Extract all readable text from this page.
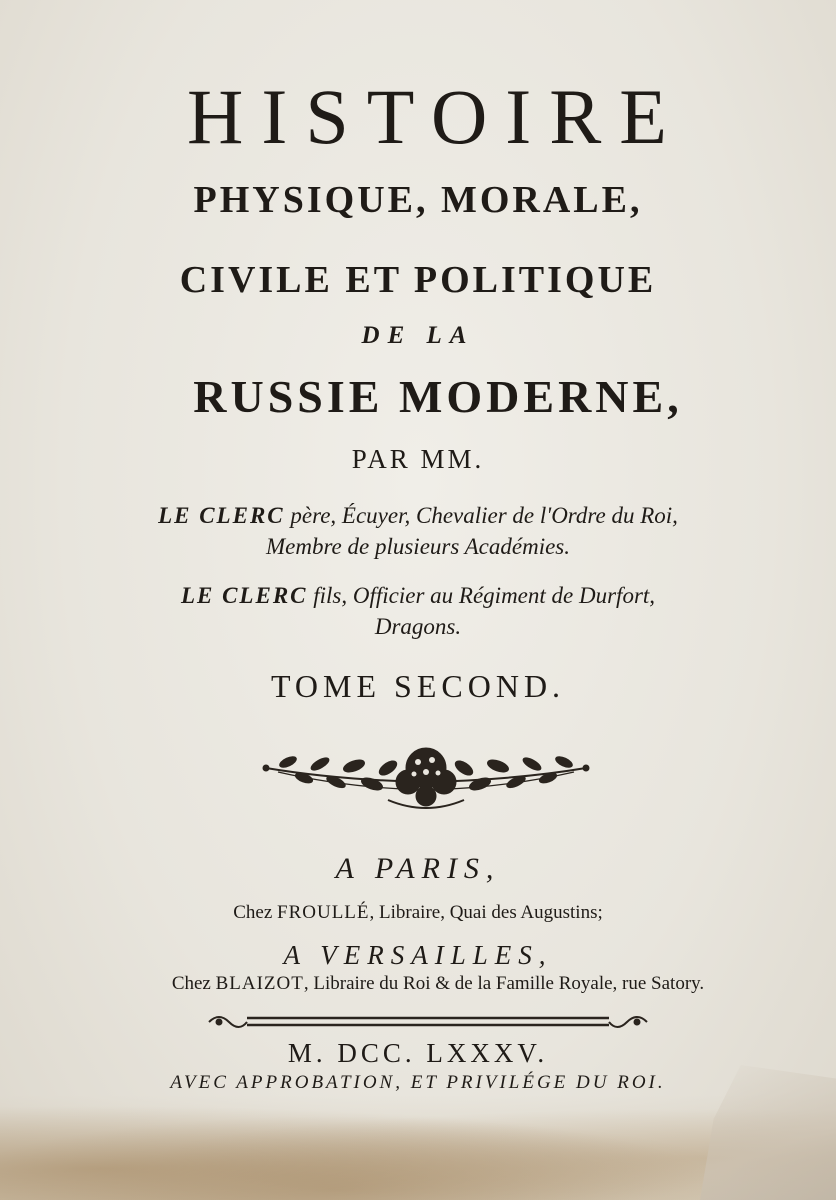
HISTOIRE
PHYSIQUE, MORALE,
CIVILE ET POLITIQUE
DE LA
RUSSIE MODERNE,
PAR MM.
LE CLERC père, Écuyer, Chevalier de l'Ordre du Roi,
Membre de plusieurs Académies.
LE CLERC fils, Officier au Régiment de Durfort,
Dragons.
TOME SECOND.
A PARIS,
Chez FROULLÉ, Libraire, Quai des Augustins;
A VERSAILLES,
Chez BLAIZOT, Libraire du Roi & de la Famille Royale, rue Satory.
M. DCC. LXXXV.
AVEC APPROBATION, ET PRIVILÉGE DU ROI.
